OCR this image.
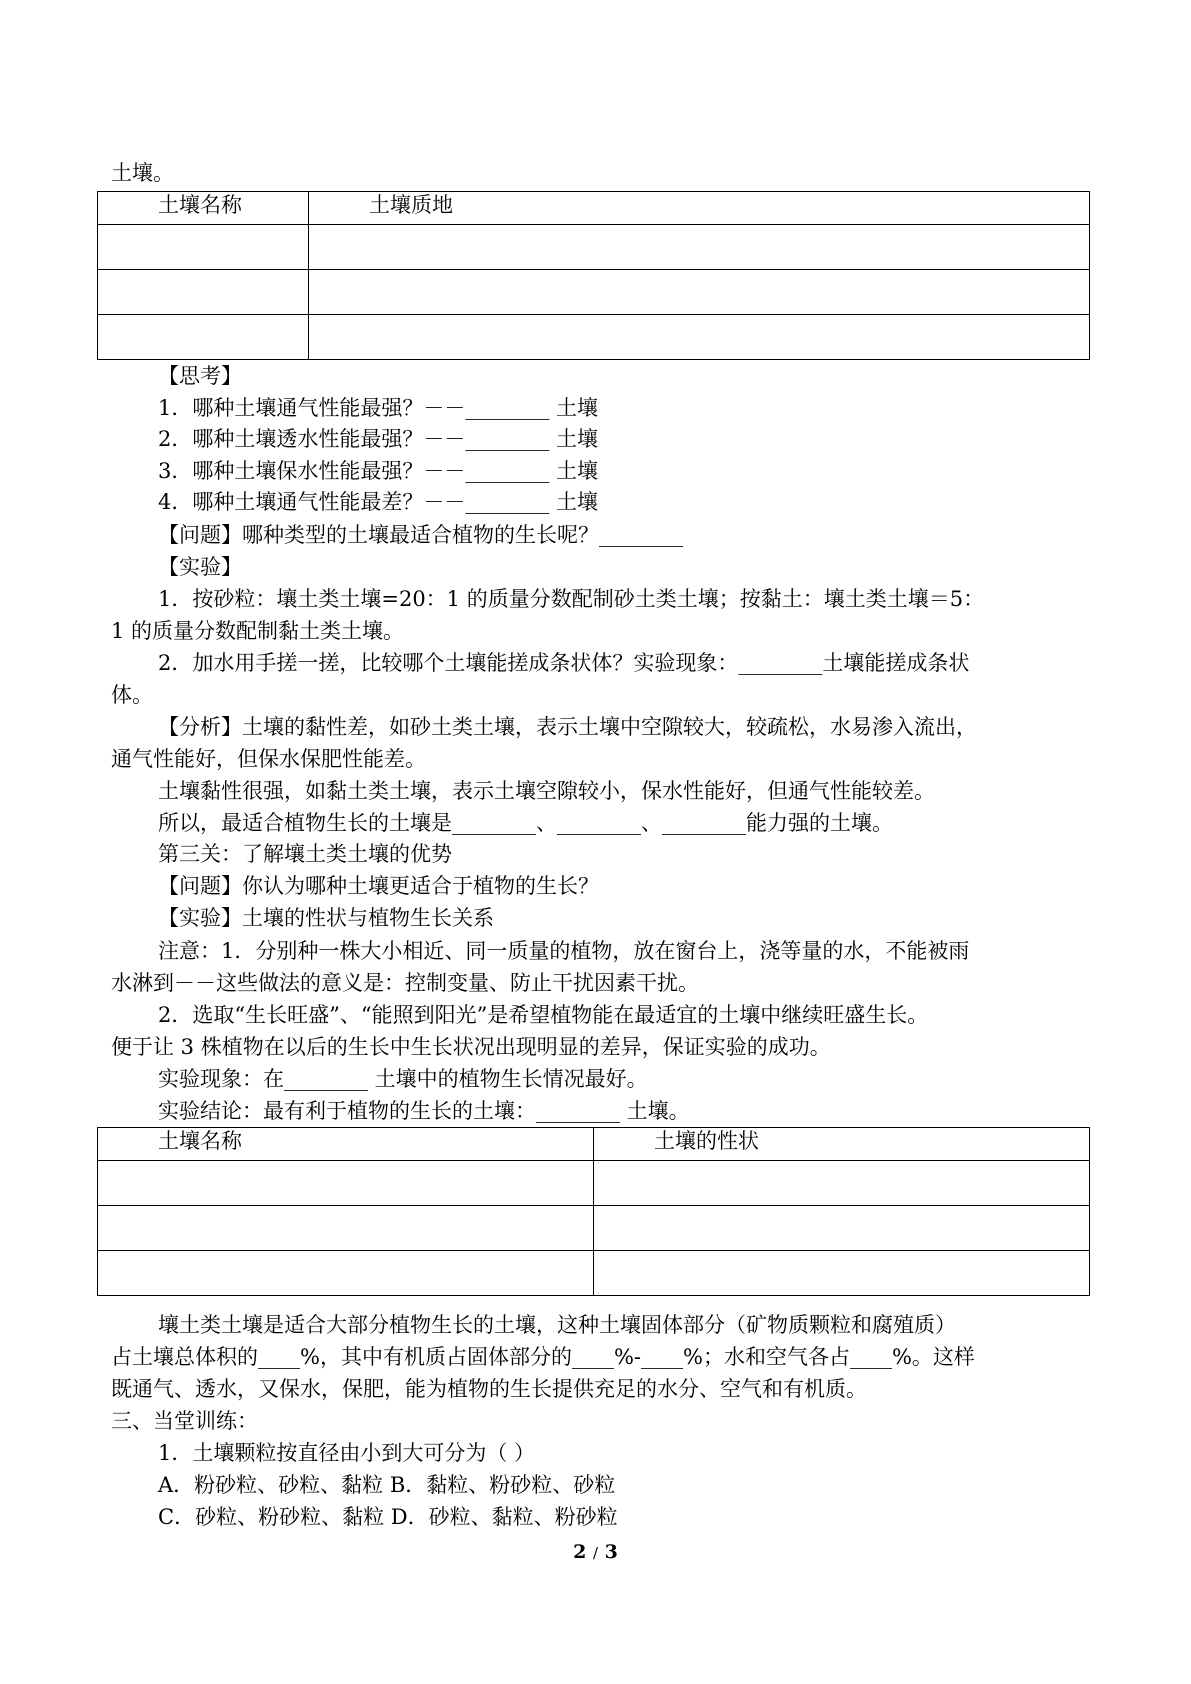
土壤。
土壤名称	土壤质地

【思考】
1．哪种土壤通气性能最强？－－________ 土壤
2．哪种土壤透水性能最强？－－________ 土壤
3．哪种土壤保水性能最强？－－________ 土壤
4．哪种土壤通气性能最差？－－________ 土壤
【问题】哪种类型的土壤最适合植物的生长呢？________
【实验】
1．按砂粒：壤土类土壤=20：1 的质量分数配制砂土类土壤；按黏土：壤土类土壤＝5：
1 的质量分数配制黏土类土壤。
2．加水用手搓一搓，比较哪个土壤能搓成条状体？实验现象：________土壤能搓成条状
体。
【分析】土壤的黏性差，如砂土类土壤，表示土壤中空隙较大，较疏松，水易渗入流出，
通气性能好，但保水保肥性能差。
土壤黏性很强，如黏土类土壤，表示土壤空隙较小，保水性能好，但通气性能较差。
所以，最适合植物生长的土壤是________、________、________能力强的土壤。
第三关：了解壤土类土壤的优势
【问题】你认为哪种土壤更适合于植物的生长？
【实验】土壤的性状与植物生长关系
注意：1．分别种一株大小相近、同一质量的植物，放在窗台上，浇等量的水，不能被雨
水淋到－－这些做法的意义是：控制变量、防止干扰因素干扰。
2．选取“生长旺盛”、“能照到阳光”是希望植物能在最适宜的土壤中继续旺盛生长。
便于让 3 株植物在以后的生长中生长状况出现明显的差异，保证实验的成功。
实验现象：在________ 土壤中的植物生长情况最好。
实验结论：最有利于植物的生长的土壤：________ 土壤。
土壤名称	土壤的性状

壤土类土壤是适合大部分植物生长的土壤，这种土壤固体部分（矿物质颗粒和腐殖质）
占土壤总体积的____%，其中有机质占固体部分的____%-____%；水和空气各占____%。这样
既通气、透水，又保水，保肥，能为植物的生长提供充足的水分、空气和有机质。
三、当堂训练：
1．土壤颗粒按直径由小到大可分为（ ）
A．粉砂粒、砂粒、黏粒 B．黏粒、粉砂粒、砂粒
C．砂粒、粉砂粒、黏粒 D．砂粒、黏粒、粉砂粒
2 / 3
